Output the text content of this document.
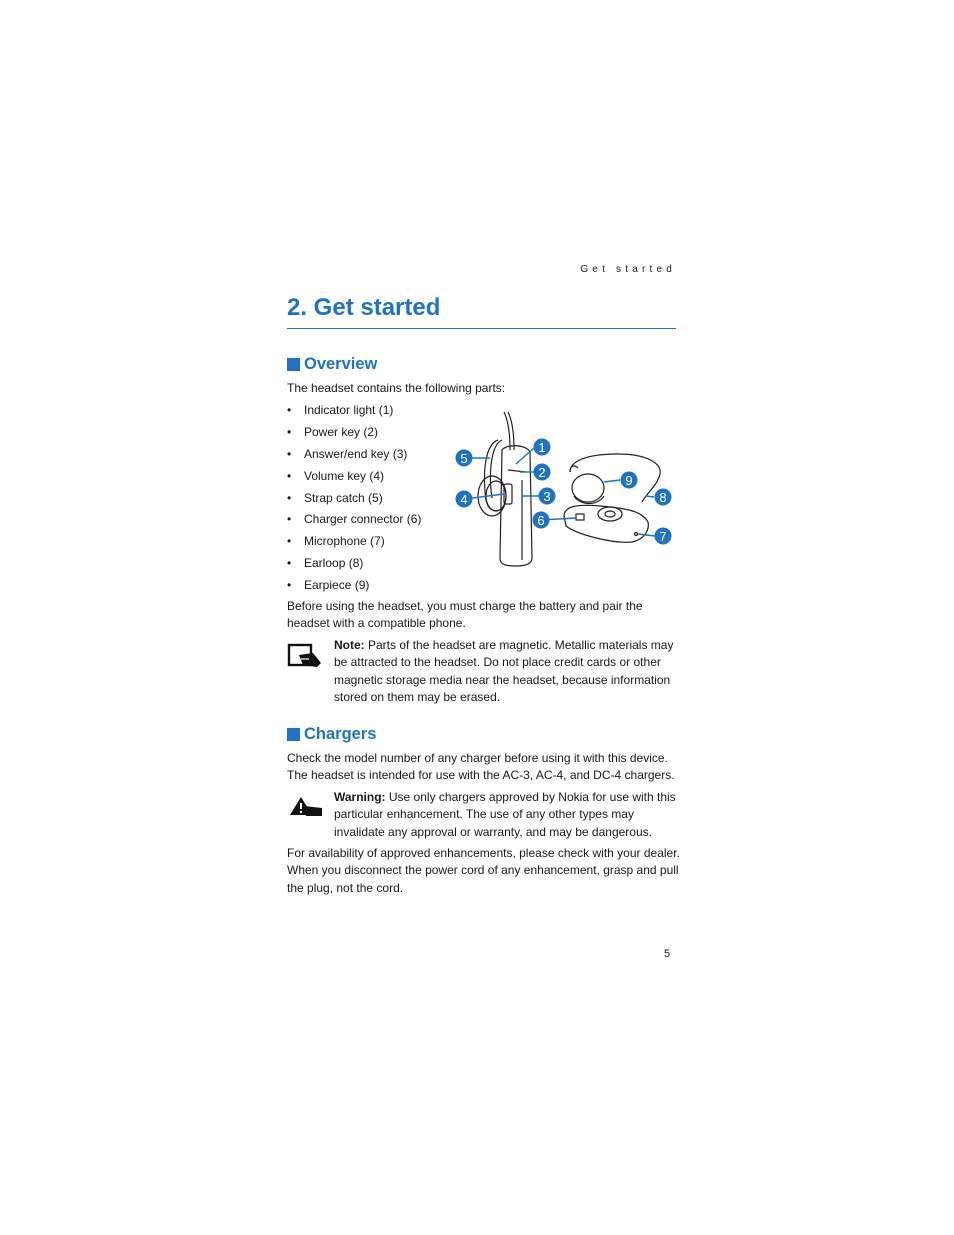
Get started
2. Get started
Overview

The headset contains the following parts:

• Indicator light (1)
• Power key (2)
• Answer/end key (3)
• Volume key (4)
• Strap catch (5)
• Charger connector (6)
• Microphone (7)
• Earloop (8)
• Earpiece (9)
1
2
3
4
5
6
7
8
9

Before using the headset, you must charge the battery and pair the headset with a compatible phone.

Note: Parts of the headset are magnetic. Metallic materials may be attracted to the headset. Do not place credit cards or other magnetic storage media near the headset, because information stored on them may be erased.

Chargers

Check the model number of any charger before using it with this device. The headset is intended for use with the AC-3, AC-4, and DC-4 chargers.

Warning: Use only chargers approved by Nokia for use with this particular enhancement. The use of any other types may invalidate any approval or warranty, and may be dangerous.

For availability of approved enhancements, please check with your dealer. When you disconnect the power cord of any enhancement, grasp and pull the plug, not the cord.

5
